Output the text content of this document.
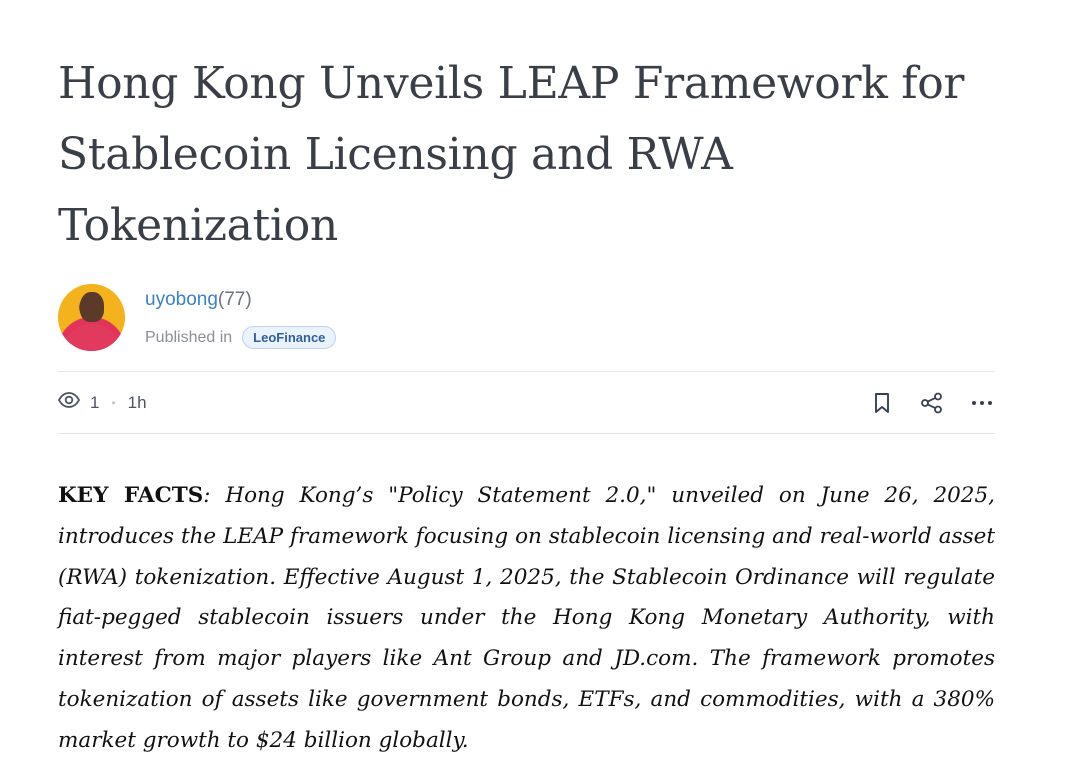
Hong Kong Unveils LEAP Framework for Stablecoin Licensing and RWA Tokenization
uyobong(77)
Published in	LeoFinance
1 • 1h

KEY FACTS: Hong Kong’s "Policy Statement 2.0," unveiled on June 26, 2025, introduces the LEAP framework focusing on stablecoin licensing and real-world asset (RWA) tokenization. Effective August 1, 2025, the Stablecoin Ordinance will regulate fiat-pegged stablecoin issuers under the Hong Kong Monetary Authority, with interest from major players like Ant Group and JD.com. The framework promotes tokenization of assets like government bonds, ETFs, and commodities, with a 380% market growth to $24 billion globally.
